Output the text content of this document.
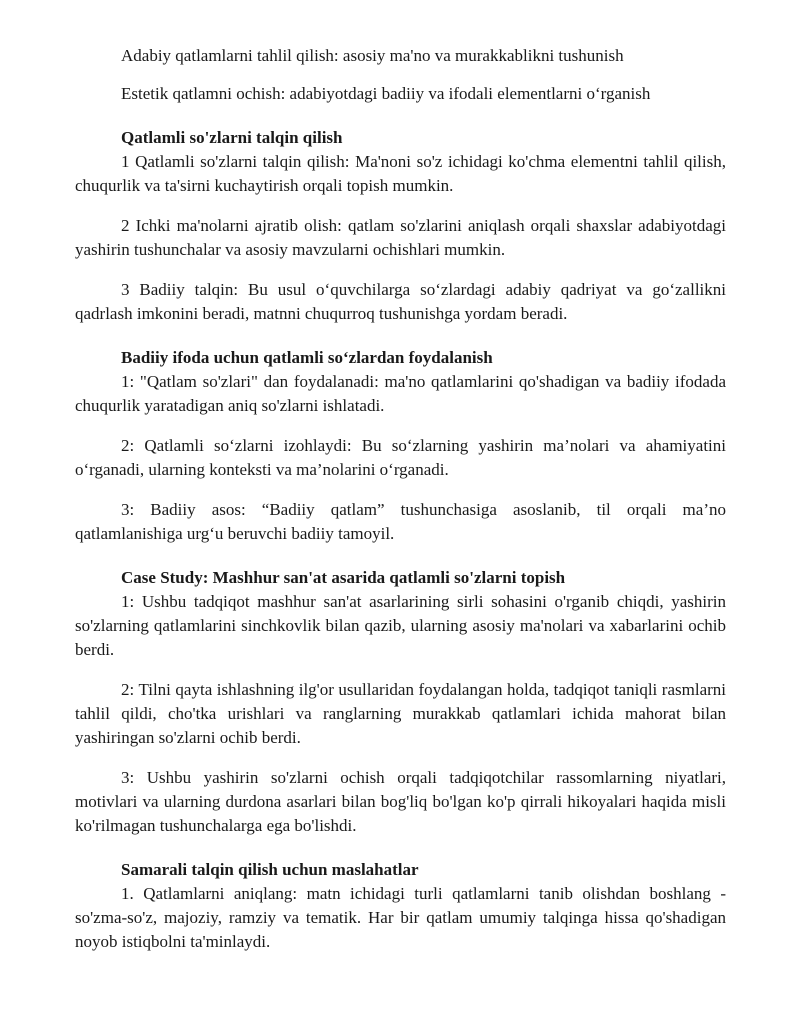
Adabiy qatlamlarni tahlil qilish: asosiy ma'no va murakkablikni tushunish

Estetik qatlamni ochish: adabiyotdagi badiiy va ifodali elementlarni o‘rganish

Qatlamli so'zlarni talqin qilish

1 Qatlamli so'zlarni talqin qilish: Ma'noni so'z ichidagi ko'chma elementni tahlil qilish, chuqurlik va ta'sirni kuchaytirish orqali topish mumkin.

2 Ichki ma'nolarni ajratib olish: qatlam so'zlarini aniqlash orqali shaxslar adabiyotdagi yashirin tushunchalar va asosiy mavzularni ochishlari mumkin.

3 Badiiy talqin: Bu usul o‘quvchilarga so‘zlardagi adabiy qadriyat va go‘zallikni qadrlash imkonini beradi, matnni chuqurroq tushunishga yordam beradi.

Badiiy ifoda uchun qatlamli so‘zlardan foydalanish

1: "Qatlam so'zlari" dan foydalanadi: ma'no qatlamlarini qo'shadigan va badiiy ifodada chuqurlik yaratadigan aniq so'zlarni ishlatadi.

2: Qatlamli so‘zlarni izohlaydi: Bu so‘zlarning yashirin ma’nolari va ahamiyatini o‘rganadi, ularning konteksti va ma’nolarini o‘rganadi.

3: Badiiy asos: “Badiiy qatlam” tushunchasiga asoslanib, til orqali ma’no qatlamlanishiga urg‘u beruvchi badiiy tamoyil.

Case Study: Mashhur san'at asarida qatlamli so'zlarni topish

1: Ushbu tadqiqot mashhur san'at asarlarining sirli sohasini o'rganib chiqdi, yashirin so'zlarning qatlamlarini sinchkovlik bilan qazib, ularning asosiy ma'nolari va xabarlarini ochib berdi.

2: Tilni qayta ishlashning ilg'or usullaridan foydalangan holda, tadqiqot taniqli rasmlarni tahlil qildi, cho'tka urishlari va ranglarning murakkab qatlamlari ichida mahorat bilan yashiringan so'zlarni ochib berdi.

3: Ushbu yashirin so'zlarni ochish orqali tadqiqotchilar rassomlarning niyatlari, motivlari va ularning durdona asarlari bilan bog'liq bo'lgan ko'p qirrali hikoyalari haqida misli ko'rilmagan tushunchalarga ega bo'lishdi.

Samarali talqin qilish uchun maslahatlar

1. Qatlamlarni aniqlang: matn ichidagi turli qatlamlarni tanib olishdan boshlang - so'zma-so'z, majoziy, ramziy va tematik. Har bir qatlam umumiy talqinga hissa qo'shadigan noyob istiqbolni ta'minlaydi.
